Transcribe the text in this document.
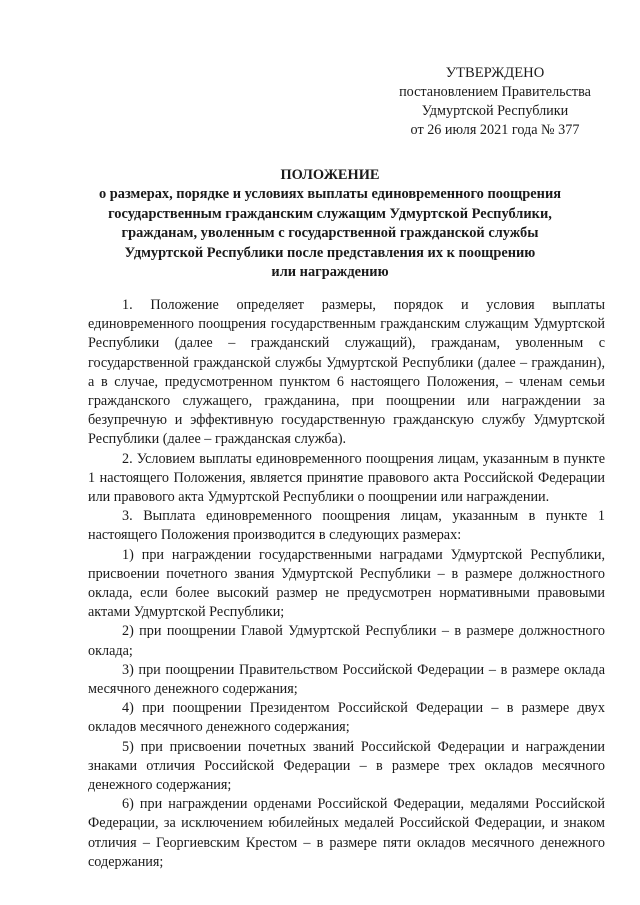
УТВЕРЖДЕНО
постановлением Правительства
Удмуртской Республики
от 26 июля 2021 года № 377
ПОЛОЖЕНИЕ
о размерах, порядке и условиях выплаты единовременного поощрения
государственным гражданским служащим Удмуртской Республики,
гражданам, уволенным с государственной гражданской службы
Удмуртской Республики после представления их к поощрению
или награждению

1. Положение определяет размеры, порядок и условия выплаты единовременного поощрения государственным гражданским служащим Удмуртской Республики (далее – гражданский служащий), гражданам, уволенным с государственной гражданской службы Удмуртской Республики (далее – гражданин), а в случае, предусмотренном пунктом 6 настоящего Положения, – членам семьи гражданского служащего, гражданина, при поощрении или награждении за безупречную и эффективную государственную гражданскую службу Удмуртской Республики (далее – гражданская служба).

2. Условием выплаты единовременного поощрения лицам, указанным в пункте 1 настоящего Положения, является принятие правового акта Российской Федерации или правового акта Удмуртской Республики о поощрении или награждении.

3. Выплата единовременного поощрения лицам, указанным в пункте 1 настоящего Положения производится в следующих размерах:

1) при награждении государственными наградами Удмуртской Республики, присвоении почетного звания Удмуртской Республики – в размере должностного оклада, если более высокий размер не предусмотрен нормативными правовыми актами Удмуртской Республики;

2) при поощрении Главой Удмуртской Республики – в размере должностного оклада;

3) при поощрении Правительством Российской Федерации – в размере оклада месячного денежного содержания;

4) при поощрении Президентом Российской Федерации – в размере двух окладов месячного денежного содержания;

5) при присвоении почетных званий Российской Федерации и награждении знаками отличия Российской Федерации – в размере трех окладов месячного денежного содержания;

6) при награждении орденами Российской Федерации, медалями Российской Федерации, за исключением юбилейных медалей Российской Федерации, и знаком отличия – Георгиевским Крестом – в размере пяти окладов месячного денежного содержания;
